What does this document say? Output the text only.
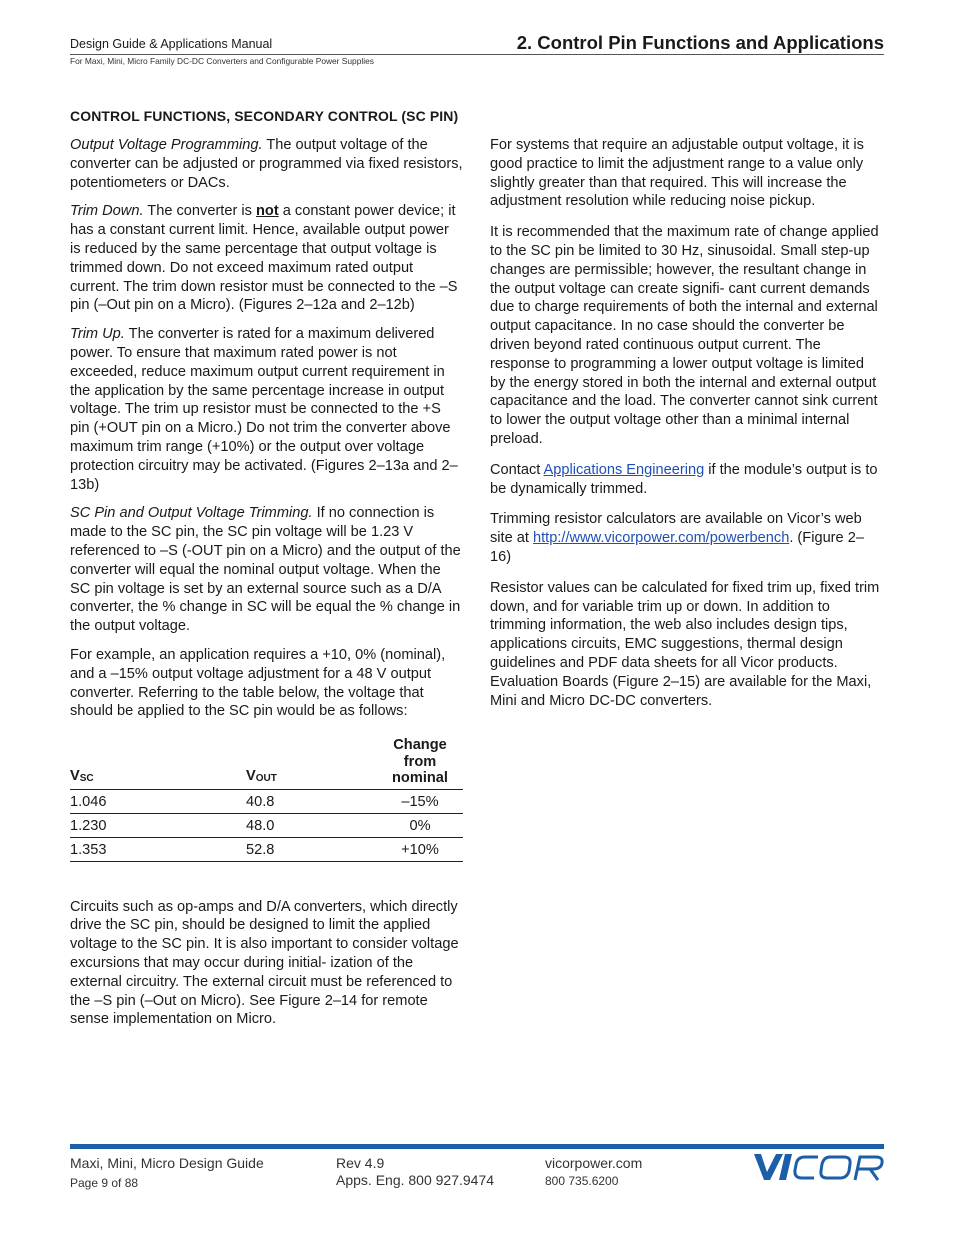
Design Guide & Applications Manual
For Maxi, Mini, Micro Family DC-DC Converters and Configurable Power Supplies
2. Control Pin Functions and Applications
CONTROL FUNCTIONS, SECONDARY CONTROL (SC PIN)

Output Voltage Programming. The output voltage of the converter can be adjusted or programmed via fixed resistors, potentiometers or DACs.

Trim Down. The converter is not a constant power device; it has a constant current limit. Hence, available output power is reduced by the same percentage that output voltage is trimmed down. Do not exceed maximum rated output current. The trim down resistor must be connected to the –S pin (–Out pin on a Micro). (Figures 2–12a and 2–12b)

Trim Up. The converter is rated for a maximum delivered power. To ensure that maximum rated power is not exceeded, reduce maximum output current requirement in the application by the same percentage increase in output voltage. The trim up resistor must be connected to the +S pin (+OUT pin on a Micro.) Do not trim the converter above maximum trim range (+10%) or the output over voltage protection circuitry may be activated. (Figures 2–13a and 2–13b)

SC Pin and Output Voltage Trimming. If no connection is made to the SC pin, the SC pin voltage will be 1.23 V referenced to –S (-OUT pin on a Micro) and the output of the converter will equal the nominal output voltage. When the SC pin voltage is set by an external source such as a D/A converter, the % change in SC will be equal the % change in the output voltage.

For example, an application requires a +10, 0% (nominal), and a –15% output voltage adjustment for a 48 V output converter. Referring to the table below, the voltage that should be applied to the SC pin would be as follows:

$V_{SC}$	$V_{OUT}$	Change
from
nominal
1.046	40.8	–15%
1.230	48.0	0%
1.353	52.8	+10%

Circuits such as op-amps and D/A converters, which directly drive the SC pin, should be designed to limit the applied voltage to the SC pin. It is also important to consider voltage excursions that may occur during initial- ization of the external circuitry. The external circuit must be referenced to the –S pin (–Out on Micro). See Figure 2–14 for remote sense implementation on Micro.

For systems that require an adjustable output voltage, it is good practice to limit the adjustment range to a value only slightly greater than that required. This will increase the adjustment resolution while reducing noise pickup.

It is recommended that the maximum rate of change applied to the SC pin be limited to 30 Hz, sinusoidal. Small step-up changes are permissible; however, the resultant change in the output voltage can create signifi- cant current demands due to charge requirements of both the internal and external output capacitance. In no case should the converter be driven beyond rated continuous output current. The response to programming a lower output voltage is limited by the energy stored in both the internal and external output capacitance and the load. The converter cannot sink current to lower the output voltage other than a minimal internal preload.

Contact Applications Engineering if the module’s output is to be dynamically trimmed.

Trimming resistor calculators are available on Vicor’s web site at http://www.vicorpower.com/powerbench. (Figure 2–16)

Resistor values can be calculated for fixed trim up, fixed trim down, and for variable trim up or down. In addition to trimming information, the web also includes design tips, applications circuits, EMC suggestions, thermal design guidelines and PDF data sheets for all Vicor products. Evaluation Boards (Figure 2–15) are available for the Maxi, Mini and Micro DC-DC converters.

Maxi, Mini, Micro Design Guide
Page 9 of 88
Rev 4.9
Apps. Eng. 800 927.9474
vicorpower.com
800 735.6200
